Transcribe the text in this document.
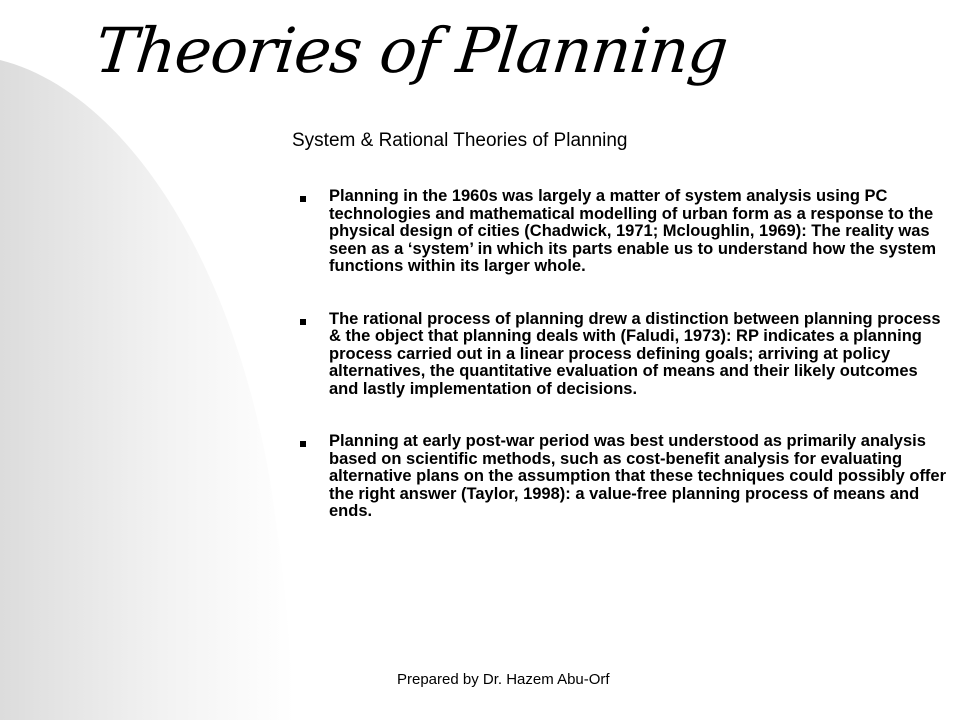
Theories of Planning
System & Rational Theories of Planning
Planning in the 1960s was largely a matter of system analysis using PC technologies and mathematical modelling of urban form as a response to the physical design of cities (Chadwick, 1971; Mcloughlin, 1969): The reality was seen as a ‘system’ in which its parts enable us to understand how the system functions within its larger whole.
The rational process of planning drew a distinction between planning process & the object that planning deals with (Faludi, 1973): RP indicates a planning process carried out in a linear process defining goals; arriving at policy alternatives, the quantitative evaluation of means and their likely outcomes and lastly implementation of decisions.
Planning at early post-war period was best understood as primarily analysis based on scientific methods, such as cost-benefit analysis for evaluating alternative plans on the assumption that these techniques could possibly offer the right answer (Taylor, 1998): a value-free planning process of means and ends.
Prepared by Dr. Hazem Abu-Orf
